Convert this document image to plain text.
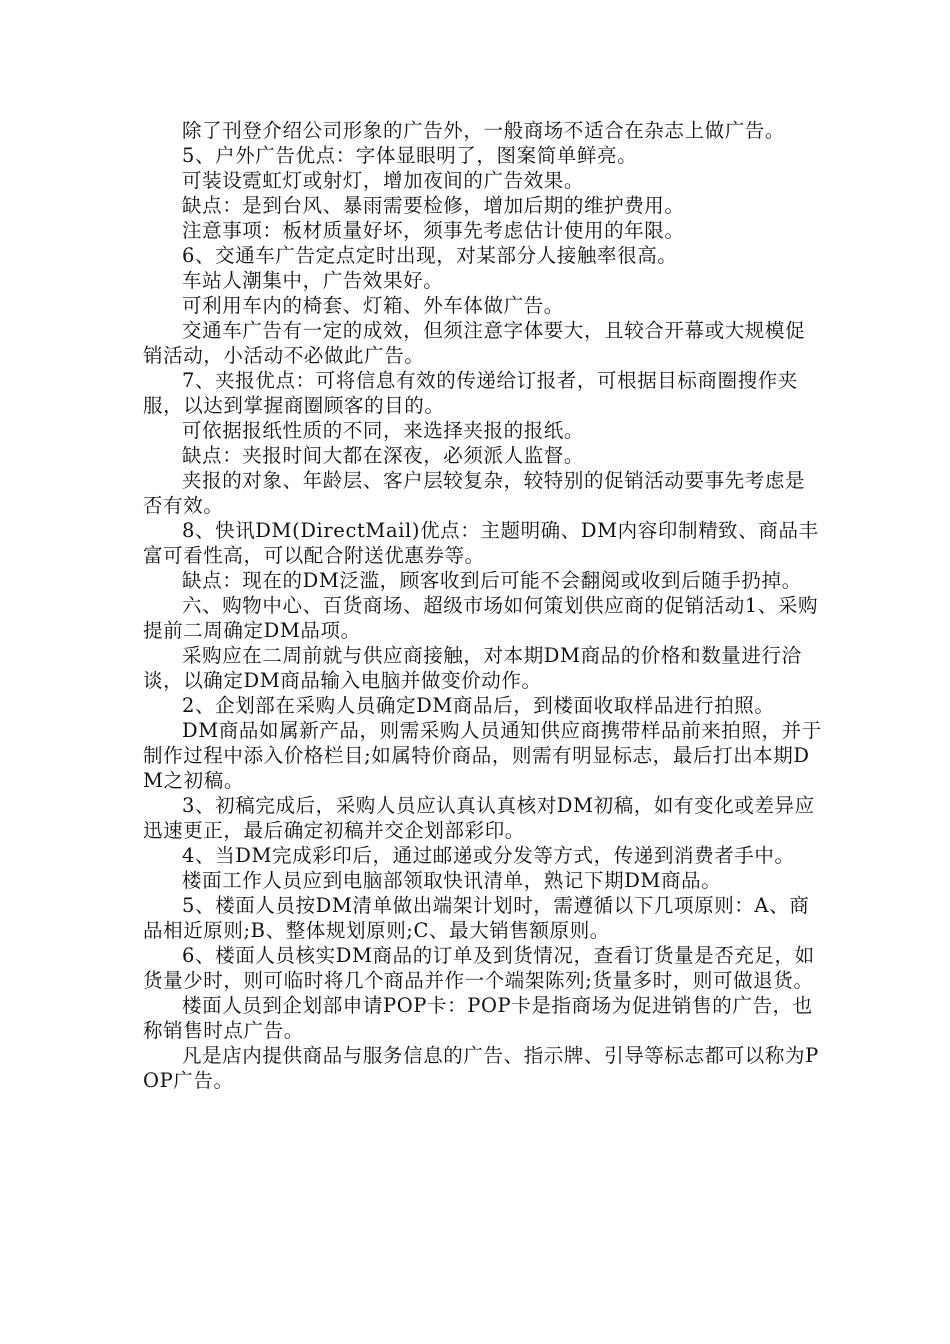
除了刊登介绍公司形象的广告外，一般商场不适合在杂志上做广告。

5、户外广告优点：字体显眼明了，图案简单鲜亮。

可装设霓虹灯或射灯，增加夜间的广告效果。

缺点：是到台风、暴雨需要检修，增加后期的维护费用。

注意事项：板材质量好坏，须事先考虑估计使用的年限。

6、交通车广告定点定时出现，对某部分人接触率很高。

车站人潮集中，广告效果好。

可利用车内的椅套、灯箱、外车体做广告。

交通车广告有一定的成效，但须注意字体要大，且较合开幕或大规模促销活动，小活动不必做此广告。

7、夹报优点：可将信息有效的传递给订报者，可根据目标商圈搜作夹服，以达到掌握商圈顾客的目的。

可依据报纸性质的不同，来选择夹报的报纸。

缺点：夹报时间大都在深夜，必须派人监督。

夹报的对象、年龄层、客户层较复杂，较特别的促销活动要事先考虑是否有效。

8、快讯DM(DirectMail)优点：主题明确、DM内容印制精致、商品丰富可看性高，可以配合附送优惠券等。

缺点：现在的DM泛滥，顾客收到后可能不会翻阅或收到后随手扔掉。

六、购物中心、百货商场、超级市场如何策划供应商的促销活动1、采购提前二周确定DM品项。

采购应在二周前就与供应商接触，对本期DM商品的价格和数量进行洽谈，以确定DM商品输入电脑并做变价动作。

2、企划部在采购人员确定DM商品后，到楼面收取样品进行拍照。

DM商品如属新产品，则需采购人员通知供应商携带样品前来拍照，并于制作过程中添入价格栏目;如属特价商品，则需有明显标志，最后打出本期DM之初稿。

3、初稿完成后，采购人员应认真认真核对DM初稿，如有变化或差异应迅速更正，最后确定初稿并交企划部彩印。

4、当DM完成彩印后，通过邮递或分发等方式，传递到消费者手中。

楼面工作人员应到电脑部领取快讯清单，熟记下期DM商品。

5、楼面人员按DM清单做出端架计划时，需遵循以下几项原则：A、商品相近原则;B、整体规划原则;C、最大销售额原则。

6、楼面人员核实DM商品的订单及到货情况，查看订货量是否充足，如货量少时，则可临时将几个商品并作一个端架陈列;货量多时，则可做退货。

楼面人员到企划部申请POP卡：POP卡是指商场为促进销售的广告，也称销售时点广告。

凡是店内提供商品与服务信息的广告、指示牌、引导等标志都可以称为POP广告。
